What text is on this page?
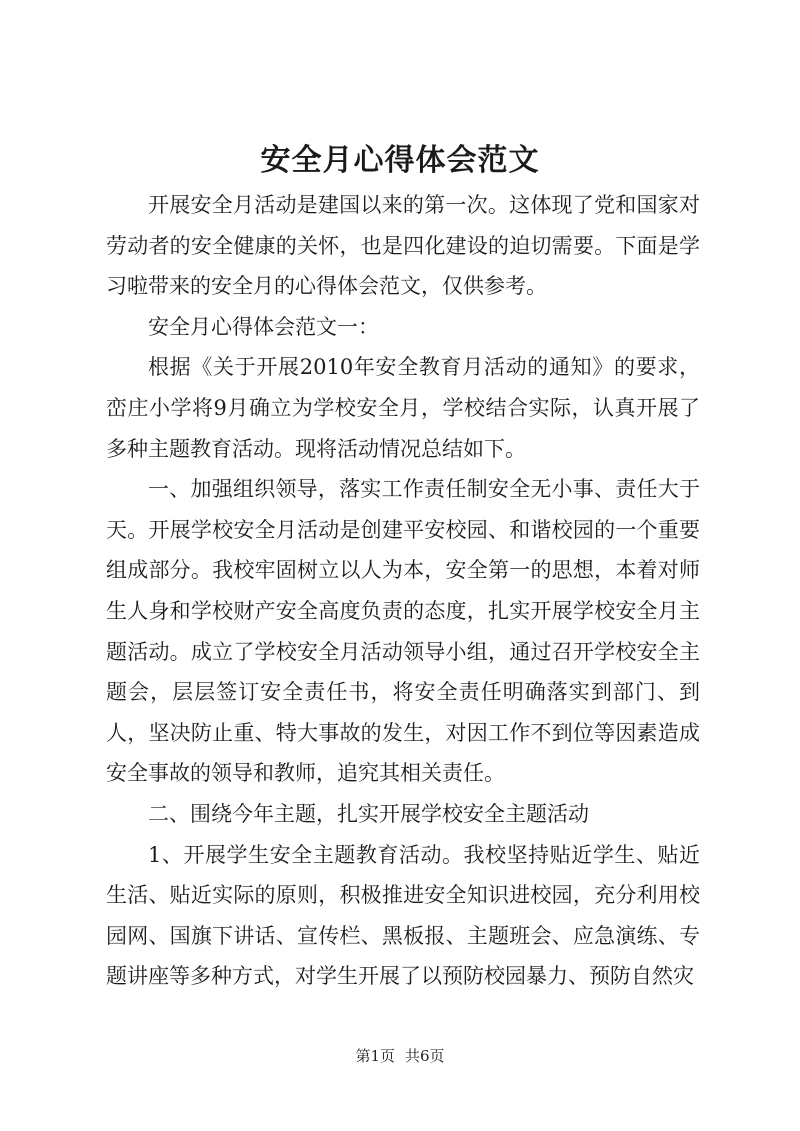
安全月心得体会范文

开展安全月活动是建国以来的第一次。这体现了党和国家对劳动者的安全健康的关怀，也是四化建设的迫切需要。下面是学习啦带来的安全月的心得体会范文，仅供参考。

安全月心得体会范文一：

根据《关于开展2010年安全教育月活动的通知》的要求，峦庄小学将9月确立为学校安全月，学校结合实际，认真开展了多种主题教育活动。现将活动情况总结如下。

一、加强组织领导，落实工作责任制安全无小事、责任大于天。开展学校安全月活动是创建平安校园、和谐校园的一个重要组成部分。我校牢固树立以人为本，安全第一的思想，本着对师生人身和学校财产安全高度负责的态度，扎实开展学校安全月主题活动。成立了学校安全月活动领导小组，通过召开学校安全主题会，层层签订安全责任书，将安全责任明确落实到部门、到人，坚决防止重、特大事故的发生，对因工作不到位等因素造成安全事故的领导和教师，追究其相关责任。

二、围绕今年主题，扎实开展学校安全主题活动

1、开展学生安全主题教育活动。我校坚持贴近学生、贴近生活、贴近实际的原则，积极推进安全知识进校园，充分利用校园网、国旗下讲话、宣传栏、黑板报、主题班会、应急演练、专题讲座等多种方式，对学生开展了以预防校园暴力、预防自然灾

第1页 共6页
